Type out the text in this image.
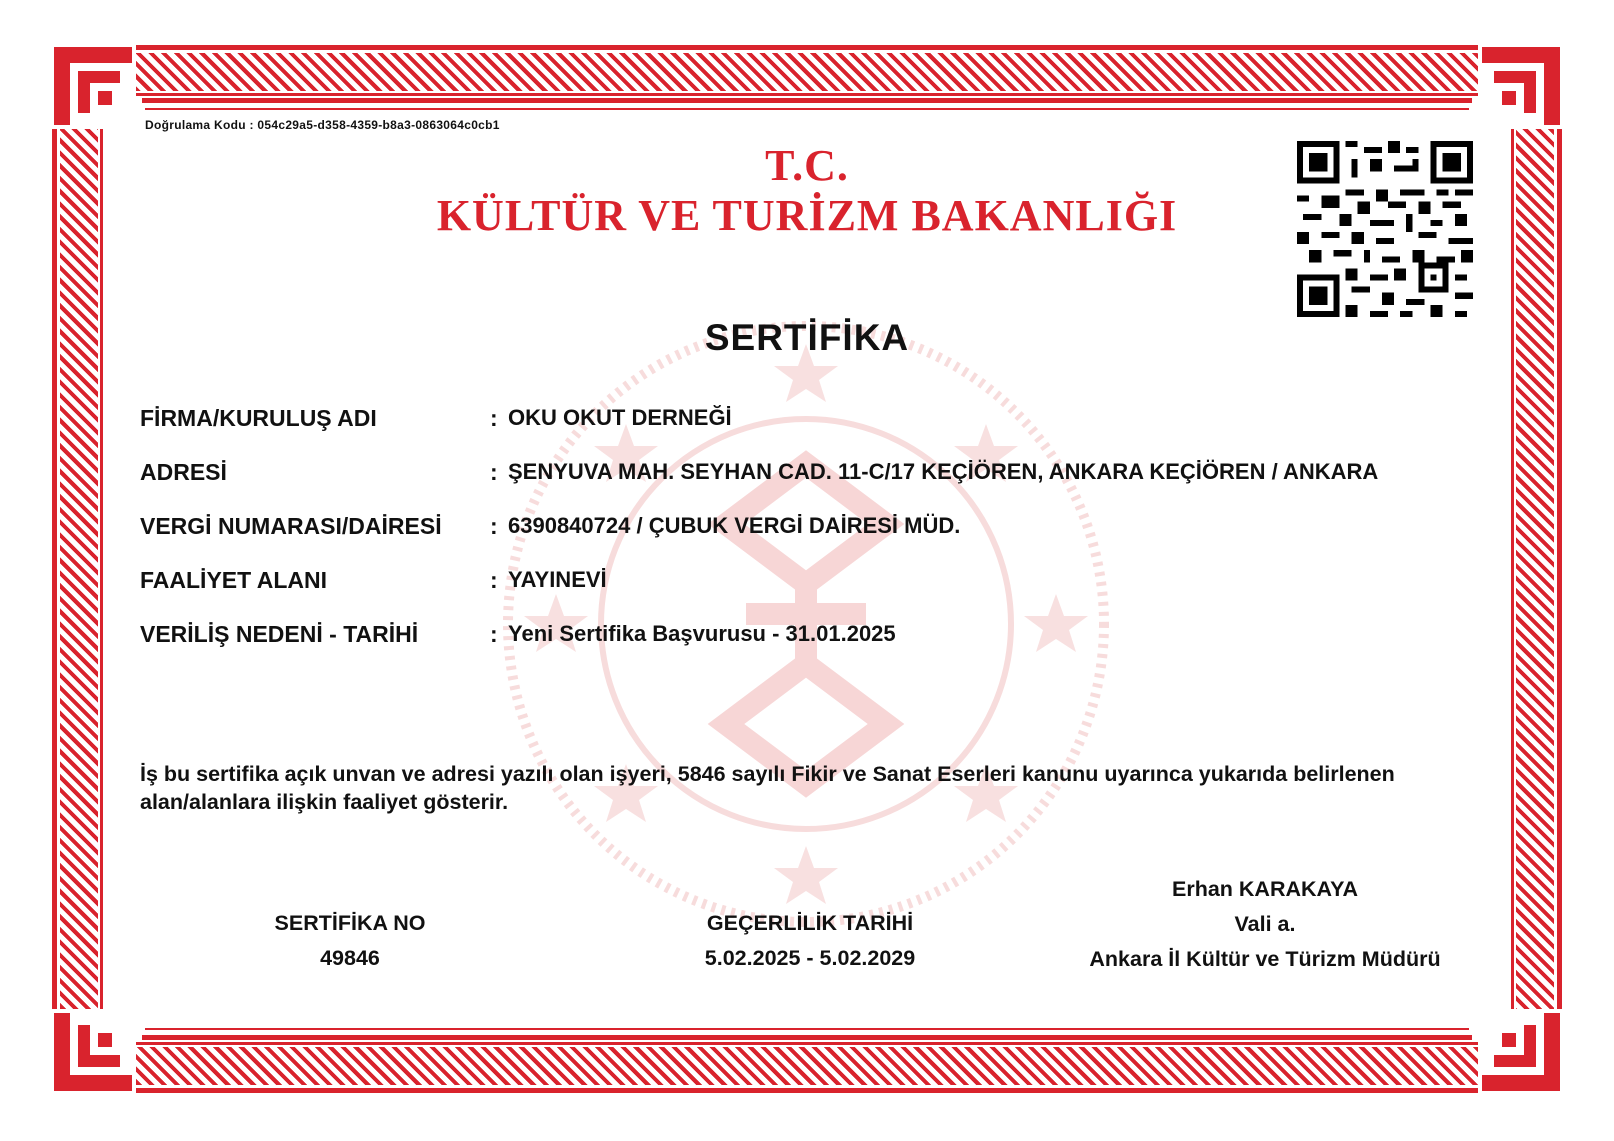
Doğrulama Kodu : 054c29a5-d358-4359-b8a3-0863064c0cb1
T.C.
KÜLTÜR VE TURİZM BAKANLIĞI
SERTİFİKA
FİRMA/KURULUŞ ADI	: OKU OKUT DERNEĞİ
ADRESİ	: ŞENYUVA MAH. SEYHAN CAD. 11-C/17 KEÇİÖREN, ANKARA KEÇİÖREN / ANKARA
VERGİ NUMARASI/DAİRESİ : 6390840724 / ÇUBUK VERGİ DAİRESİ MÜD.
FAALİYET ALANI	: YAYINEVİ
VERİLİŞ NEDENİ - TARİHİ	: Yeni Sertifika Başvurusu - 31.01.2025
İş bu sertifika açık unvan ve adresi yazılı olan işyeri, 5846 sayılı Fikir ve Sanat Eserleri kanunu uyarınca yukarıda belirlenen alan/alanlara ilişkin faaliyet gösterir.
SERTİFİKA NO
49846
GEÇERLİLİK TARİHİ
5.02.2025 - 5.02.2029
Erhan KARAKAYA
Vali a.
Ankara İl Kültür ve Türizm Müdürü
